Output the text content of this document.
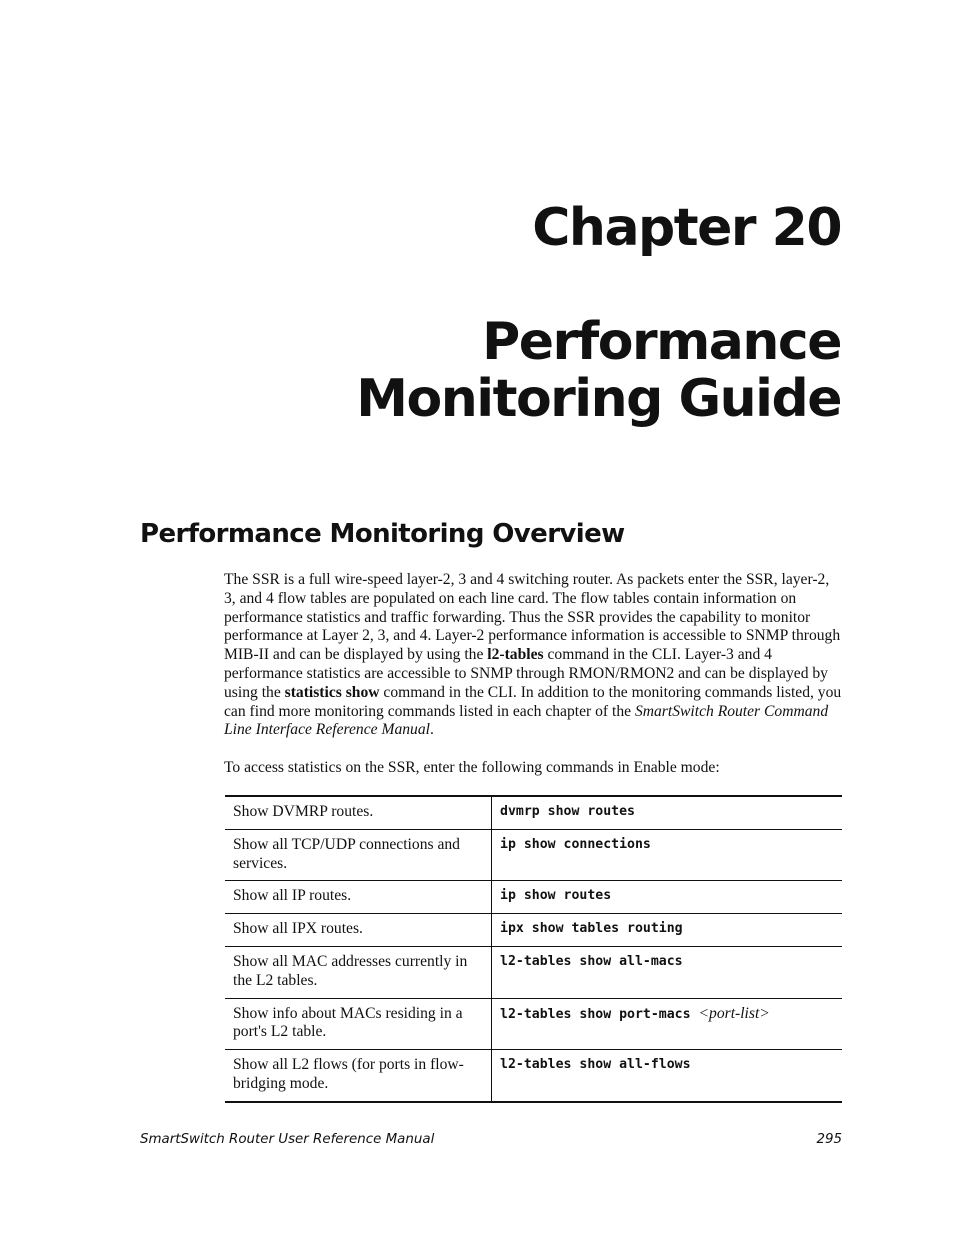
Chapter 20
Performance
Monitoring Guide
Performance Monitoring Overview

The SSR is a full wire-speed layer-2, 3 and 4 switching router. As packets enter the SSR, layer-2, 3, and 4 flow tables are populated on each line card. The flow tables contain information on performance statistics and traffic forwarding. Thus the SSR provides the capability to monitor performance at Layer 2, 3, and 4. Layer-2 performance information is accessible to SNMP through MIB-II and can be displayed by using the l2-tables command in the CLI. Layer-3 and 4 performance statistics are accessible to SNMP through RMON/RMON2 and can be displayed by using the statistics show command in the CLI. In addition to the monitoring commands listed, you can find more monitoring commands listed in each chapter of the SmartSwitch Router Command Line Interface Reference Manual.

To access statistics on the SSR, enter the following commands in Enable mode:

Show DVMRP routes.	dvmrp show routes
Show all TCP/UDP connections and services.	ip show connections
Show all IP routes.	ip show routes
Show all IPX routes.	ipx show tables routing
Show all MAC addresses currently in the L2 tables.	l2-tables show all-macs
Show info about MACs residing in a port's L2 table.	l2-tables show port-macs <port-list>
Show all L2 flows (for ports in flow-bridging mode.	l2-tables show all-flows
SmartSwitch Router User Reference Manual	295
